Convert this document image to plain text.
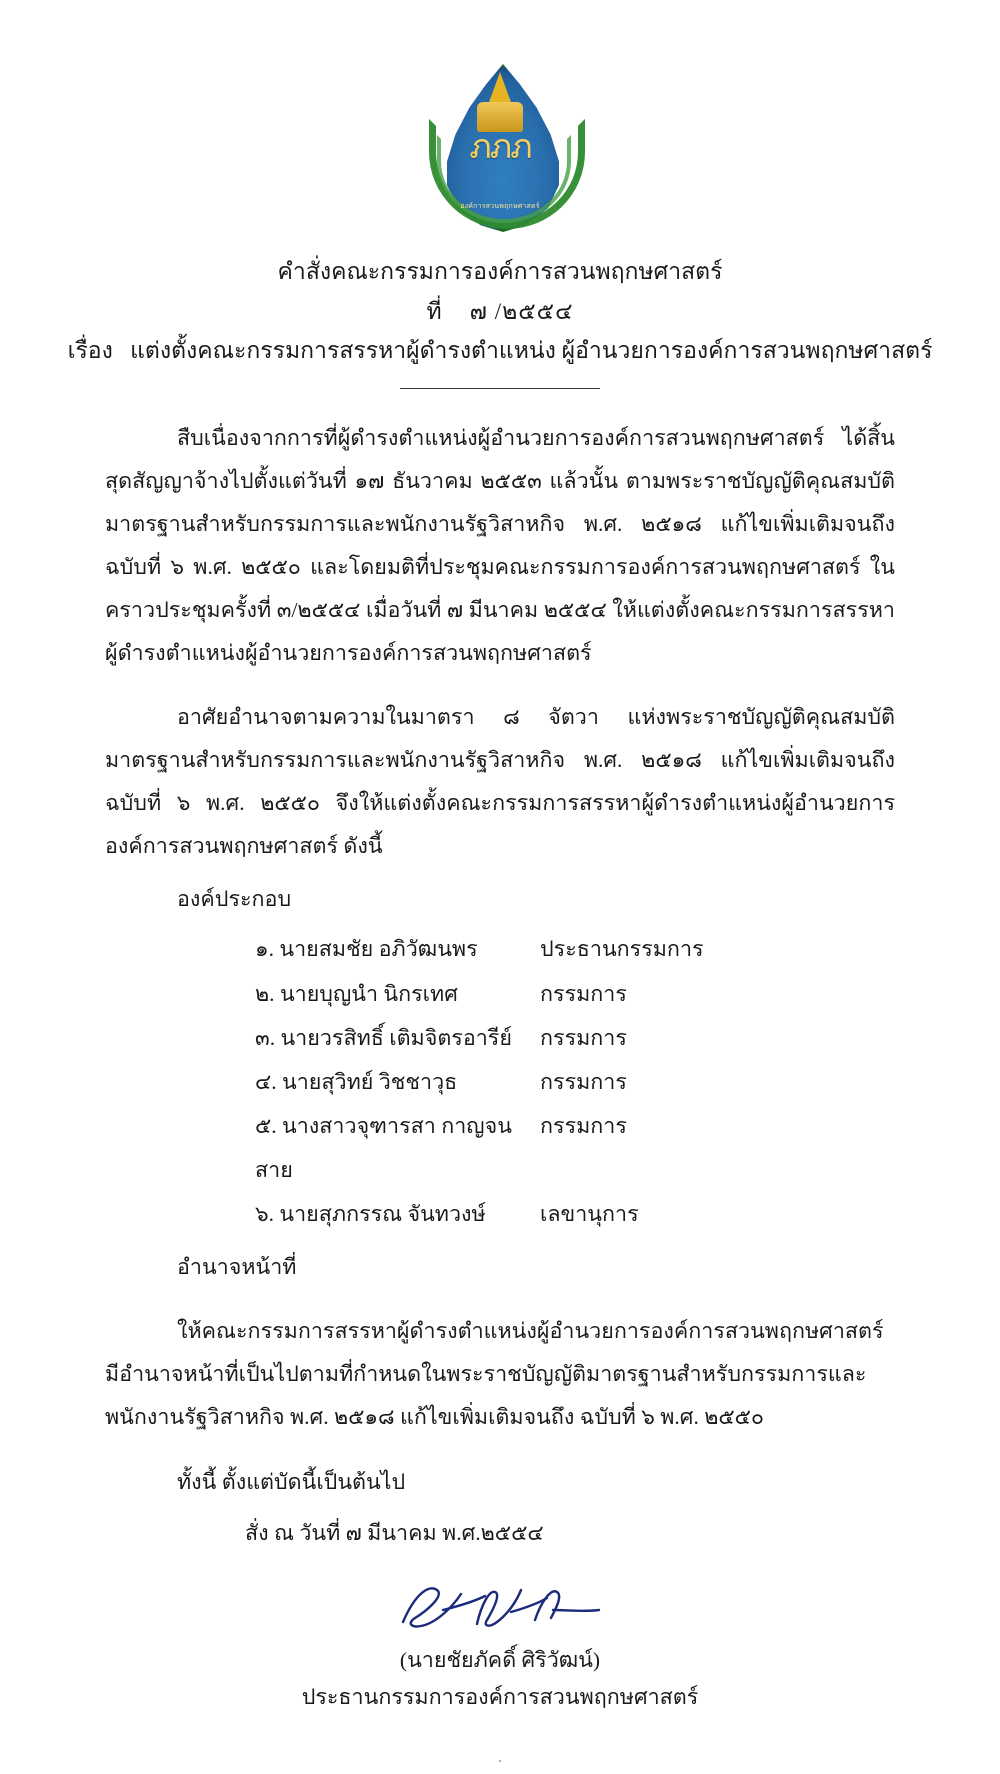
ภภภ
องค์การสวนพฤกษศาสตร์
คำสั่งคณะกรรมการองค์การสวนพฤกษศาสตร์
ที่ ๗ /๒๕๕๔
เรื่อง แต่งตั้งคณะกรรมการสรรหาผู้ดำรงตำแหน่ง ผู้อำนวยการองค์การสวนพฤกษศาสตร์

สืบเนื่องจากการที่ผู้ดำรงตำแหน่งผู้อำนวยการองค์การสวนพฤกษศาสตร์ ได้สิ้นสุดสัญญาจ้างไปตั้งแต่วันที่ ๑๗ ธันวาคม ๒๕๕๓ แล้วนั้น ตามพระราชบัญญัติคุณสมบัติมาตรฐานสำหรับกรรมการและพนักงานรัฐวิสาหกิจ พ.ศ. ๒๕๑๘ แก้ไขเพิ่มเติมจนถึง ฉบับที่ ๖ พ.ศ. ๒๕๕๐ และโดยมติที่ประชุมคณะกรรมการองค์การสวนพฤกษศาสตร์ ในคราวประชุมครั้งที่ ๓/๒๕๕๔ เมื่อวันที่ ๗ มีนาคม ๒๕๕๔ ให้แต่งตั้งคณะกรรมการสรรหาผู้ดำรงตำแหน่งผู้อำนวยการองค์การสวนพฤกษศาสตร์

อาศัยอำนาจตามความในมาตรา ๘ จัตวา แห่งพระราชบัญญัติคุณสมบัติมาตรฐานสำหรับกรรมการและพนักงานรัฐวิสาหกิจ พ.ศ. ๒๕๑๘ แก้ไขเพิ่มเติมจนถึง ฉบับที่ ๖ พ.ศ. ๒๕๕๐ จึงให้แต่งตั้งคณะกรรมการสรรหาผู้ดำรงตำแหน่งผู้อำนวยการองค์การสวนพฤกษศาสตร์ ดังนี้

องค์ประกอบ
๑. นายสมชัย อภิวัฒนพร	ประธานกรรมการ
๒. นายบุญนำ นิกรเทศ	กรรมการ
๓. นายวรสิทธิ์ เติมจิตรอารีย์	กรรมการ
๔. นายสุวิทย์ วิชชาวุธ	กรรมการ
๕. นางสาวจุฑารสา กาญจนสาย
กรรมการ
๖. นายสุภกรรณ จันทวงษ์	เลขานุการ
อำนาจหน้าที่

ให้คณะกรรมการสรรหาผู้ดำรงตำแหน่งผู้อำนวยการองค์การสวนพฤกษศาสตร์ มีอำนาจหน้าที่เป็นไปตามที่กำหนดในพระราชบัญญัติมาตรฐานสำหรับกรรมการและพนักงานรัฐวิสาหกิจ พ.ศ. ๒๕๑๘ แก้ไขเพิ่มเติมจนถึง ฉบับที่ ๖ พ.ศ. ๒๕๕๐

ทั้งนี้ ตั้งแต่บัดนี้เป็นต้นไป

สั่ง ณ วันที่ ๗ มีนาคม พ.ศ.๒๕๕๔

(นายชัยภัคดิ์ ศิริวัฒน์)
ประธานกรรมการองค์การสวนพฤกษศาสตร์
.
